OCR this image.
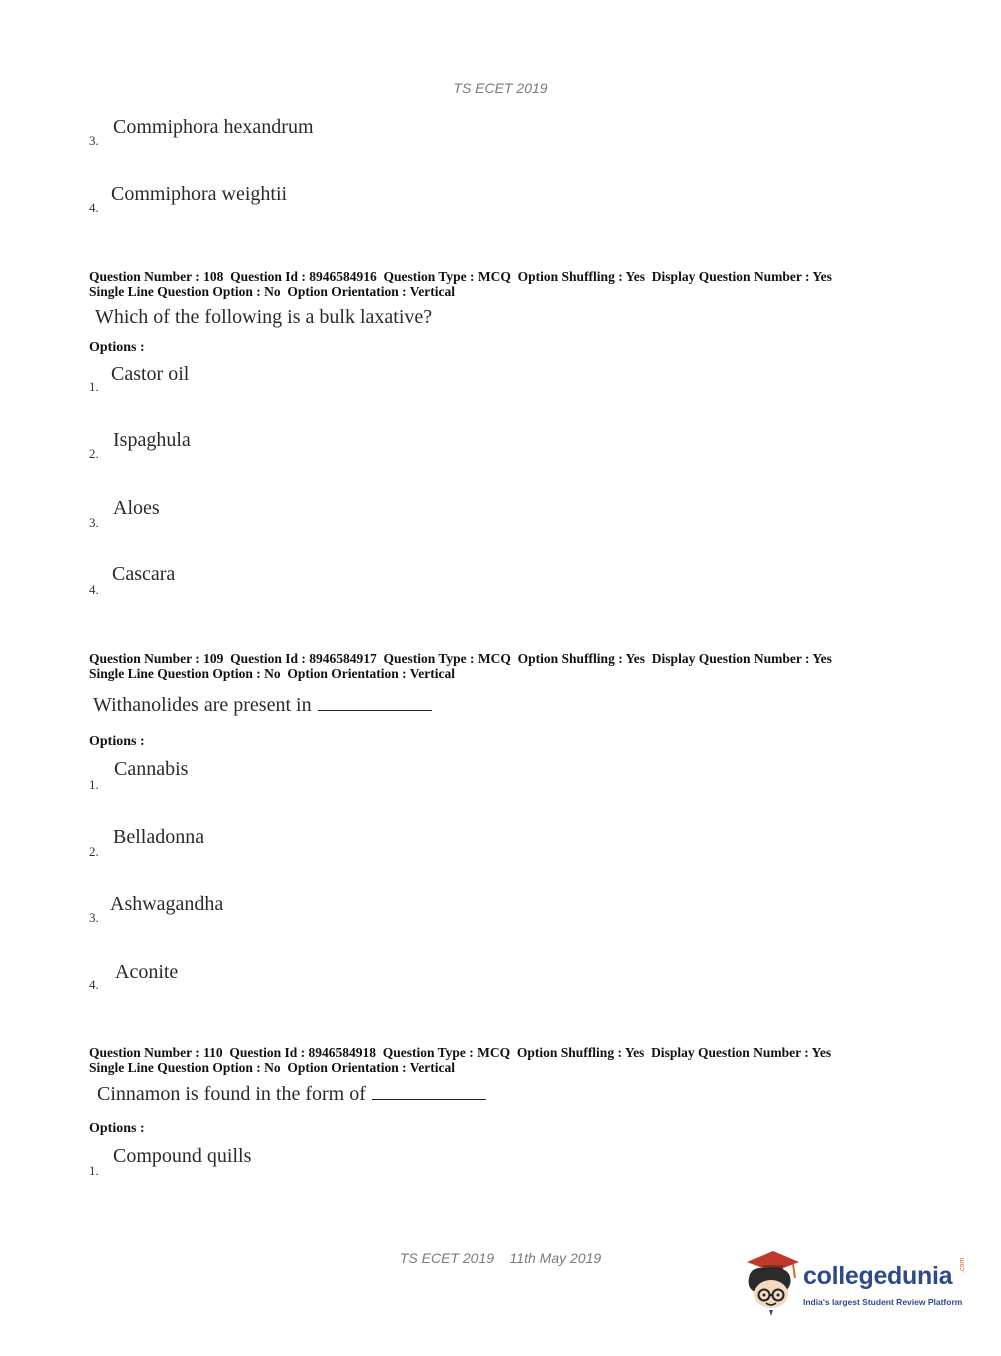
TS ECET 2019
3.
Commiphora hexandrum
4.
Commiphora weightii
Question Number : 108  Question Id : 8946584916  Question Type : MCQ  Option Shuffling : Yes  Display Question Number : Yes
Single Line Question Option : No  Option Orientation : Vertical
Which of the following is a bulk laxative?
Options :
1.
Castor oil
2.
Ispaghula
3.
Aloes
4.
Cascara
Question Number : 109  Question Id : 8946584917  Question Type : MCQ  Option Shuffling : Yes  Display Question Number : Yes
Single Line Question Option : No  Option Orientation : Vertical
Withanolides are present in
Options :
1.
Cannabis
2.
Belladonna
3.
Ashwagandha
4.
Aconite
Question Number : 110  Question Id : 8946584918  Question Type : MCQ  Option Shuffling : Yes  Display Question Number : Yes
Single Line Question Option : No  Option Orientation : Vertical
Cinnamon is found in the form of
Options :
1.
Compound quills
TS ECET 2019    11th May 2019
collegedunia .com
India's largest Student Review Platform
